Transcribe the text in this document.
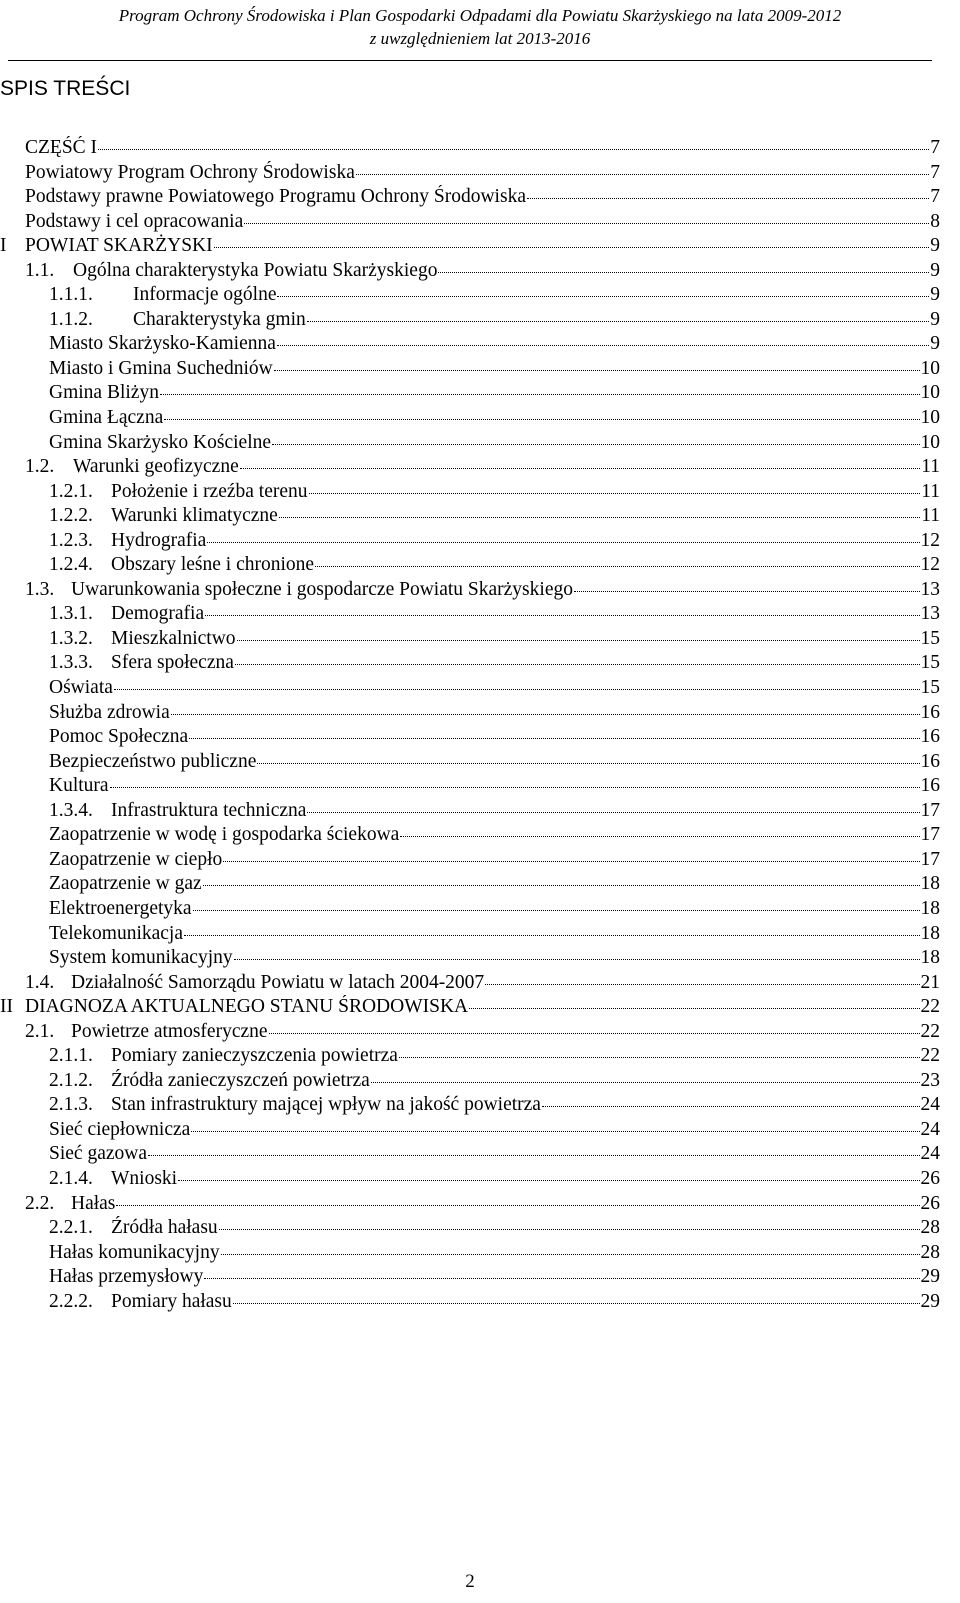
Program Ochrony Środowiska i Plan Gospodarki Odpadami dla Powiatu Skarżyskiego na lata 2009-2012
z uwzględnieniem lat 2013-2016
SPIS TREŚCI
CZĘŚĆ I	7
Powiatowy Program Ochrony Środowiska	7
Podstawy prawne Powiatowego Programu Ochrony Środowiska	7
Podstawy i cel opracowania	8
I POWIAT SKARŻYSKI	9
1.1. Ogólna charakterystyka Powiatu Skarżyskiego	9
1.1.1.	Informacje ogólne	9
1.1.2.	Charakterystyka gmin	9
Miasto Skarżysko-Kamienna	9
Miasto i Gmina Suchedniów	10
Gmina Bliżyn	10
Gmina Łączna	10
Gmina Skarżysko Kościelne	10
1.2. Warunki geofizyczne	11
1.2.1. Położenie i rzeźba terenu	11
1.2.2. Warunki klimatyczne	11
1.2.3. Hydrografia	12
1.2.4. Obszary leśne i chronione	12
1.3. Uwarunkowania społeczne i gospodarcze Powiatu Skarżyskiego	13
1.3.1. Demografia	13
1.3.2. Mieszkalnictwo	15
1.3.3. Sfera społeczna	15
Oświata	15
Służba zdrowia	16
Pomoc Społeczna	16
Bezpieczeństwo publiczne	16
Kultura	16
1.3.4. Infrastruktura techniczna	17
Zaopatrzenie w wodę i gospodarka ściekowa	17
Zaopatrzenie w ciepło	17
Zaopatrzenie w gaz	18
Elektroenergetyka	18
Telekomunikacja	18
System komunikacyjny	18
1.4. Działalność Samorządu Powiatu w latach 2004-2007	21
II DIAGNOZA AKTUALNEGO STANU ŚRODOWISKA	22
2.1. Powietrze atmosferyczne	22
2.1.1. Pomiary zanieczyszczenia powietrza	22
2.1.2. Źródła zanieczyszczeń powietrza	23
2.1.3. Stan infrastruktury mającej wpływ na jakość powietrza	24
Sieć ciepłownicza	24
Sieć gazowa	24
2.1.4. Wnioski	26
2.2. Hałas	26
2.2.1. Źródła hałasu	28
Hałas komunikacyjny	28
Hałas przemysłowy	29
2.2.2. Pomiary hałasu	29
2
